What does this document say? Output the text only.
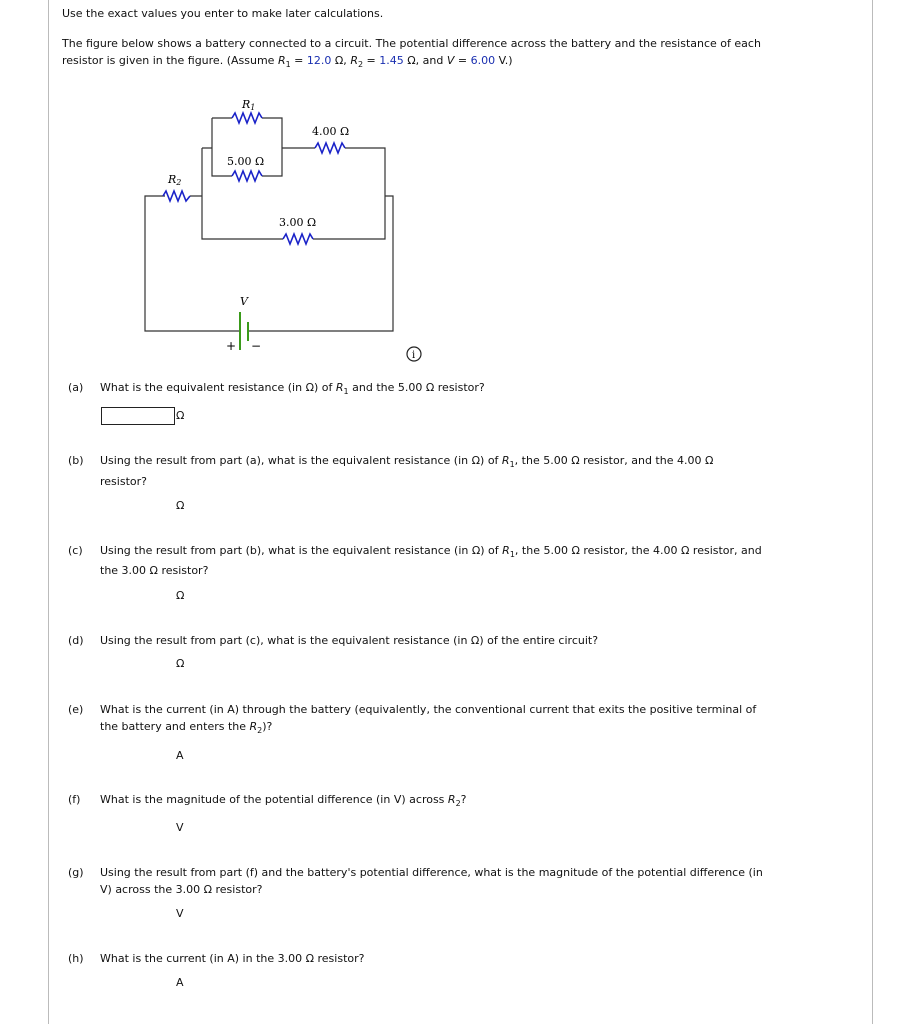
Use the exact values you enter to make later calculations.
The figure below shows a battery connected to a circuit. The potential difference across the battery and the resistance of each
resistor is given in the figure. (Assume $R_1 = 12.0$ Ω, $R_2 = 1.45$ Ω, and V = 6.00 V.)
R1
4.00 Ω
5.00 Ω
R2
3.00 Ω
V
+ −
i
(a) What is the equivalent resistance (in Ω) of $R_1$ and the 5.00 Ω resistor?
Ω
(b) Using the result from part (a), what is the equivalent resistance (in Ω) of $R_1$, the 5.00 Ω resistor, and the 4.00 Ω
resistor?
Ω
(c) Using the result from part (b), what is the equivalent resistance (in Ω) of $R_1$, the 5.00 Ω resistor, the 4.00 Ω resistor, and
the 3.00 Ω resistor?
Ω
(d) Using the result from part (c), what is the equivalent resistance (in Ω) of the entire circuit?
Ω
(e) What is the current (in A) through the battery (equivalently, the conventional current that exits the positive terminal of
the battery and enters the $R_2$)?
A
(f) What is the magnitude of the potential difference (in V) across $R_2$?
V
(g) Using the result from part (f) and the battery's potential difference, what is the magnitude of the potential difference (in
V) across the 3.00 Ω resistor?
V
(h) What is the current (in A) in the 3.00 Ω resistor?
A
